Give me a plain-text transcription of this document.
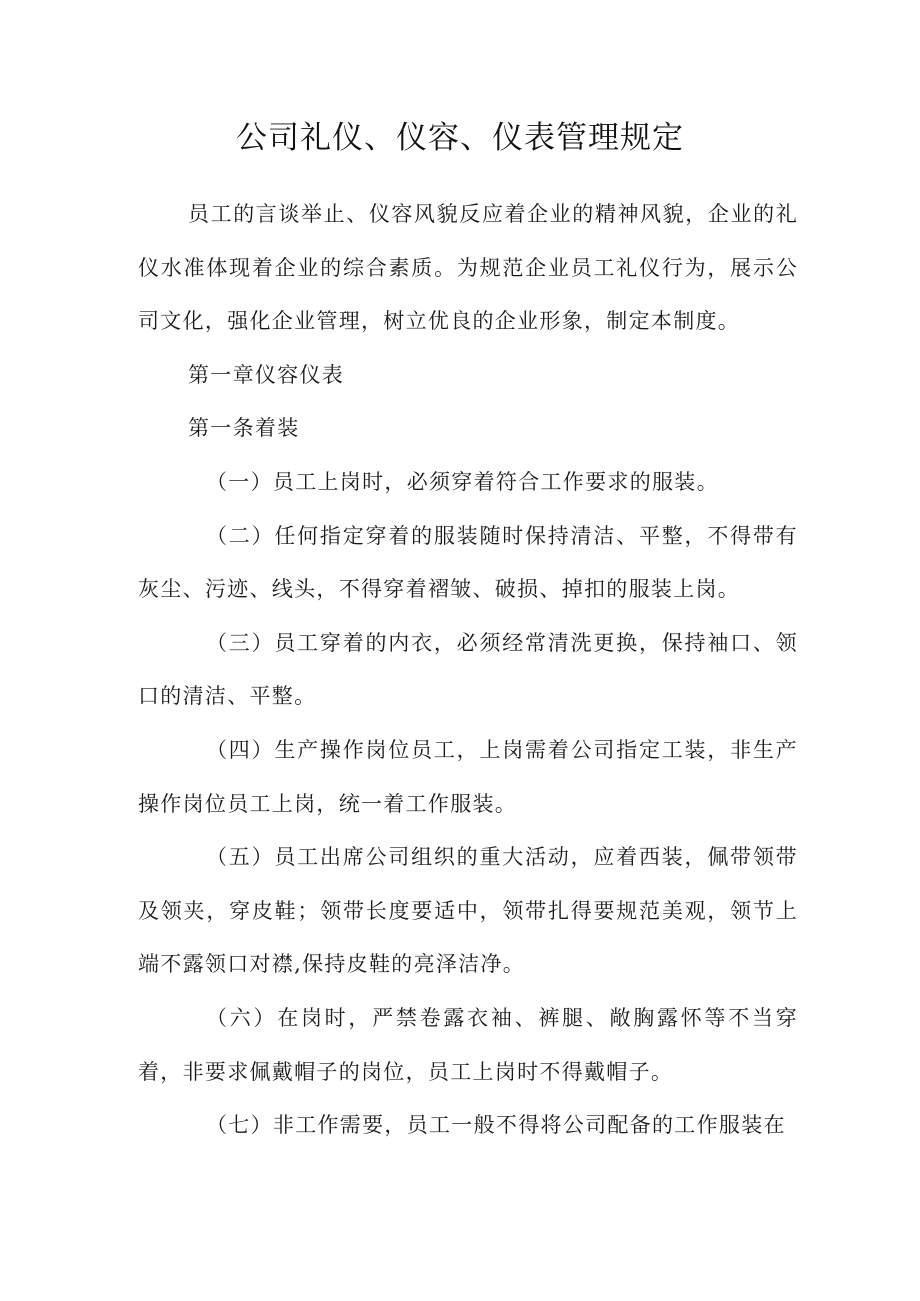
公司礼仪、仪容、仪表管理规定

员工的言谈举止、仪容风貌反应着企业的精神风貌，企业的礼仪水准体现着企业的综合素质。为规范企业员工礼仪行为，展示公司文化，强化企业管理，树立优良的企业形象，制定本制度。

第一章仪容仪表

第一条着装

（一）员工上岗时，必须穿着符合工作要求的服装。

（二）任何指定穿着的服装随时保持清洁、平整，不得带有灰尘、污迹、线头，不得穿着褶皱、破损、掉扣的服装上岗。

（三）员工穿着的内衣，必须经常清洗更换，保持袖口、领口的清洁、平整。

（四）生产操作岗位员工，上岗需着公司指定工装，非生产操作岗位员工上岗，统一着工作服装。

（五）员工出席公司组织的重大活动，应着西装，佩带领带及领夹，穿皮鞋；领带长度要适中，领带扎得要规范美观，领节上端不露领口对襟,保持皮鞋的亮泽洁净。

（六）在岗时，严禁卷露衣袖、裤腿、敞胸露怀等不当穿着，非要求佩戴帽子的岗位，员工上岗时不得戴帽子。

（七）非工作需要，员工一般不得将公司配备的工作服装在
